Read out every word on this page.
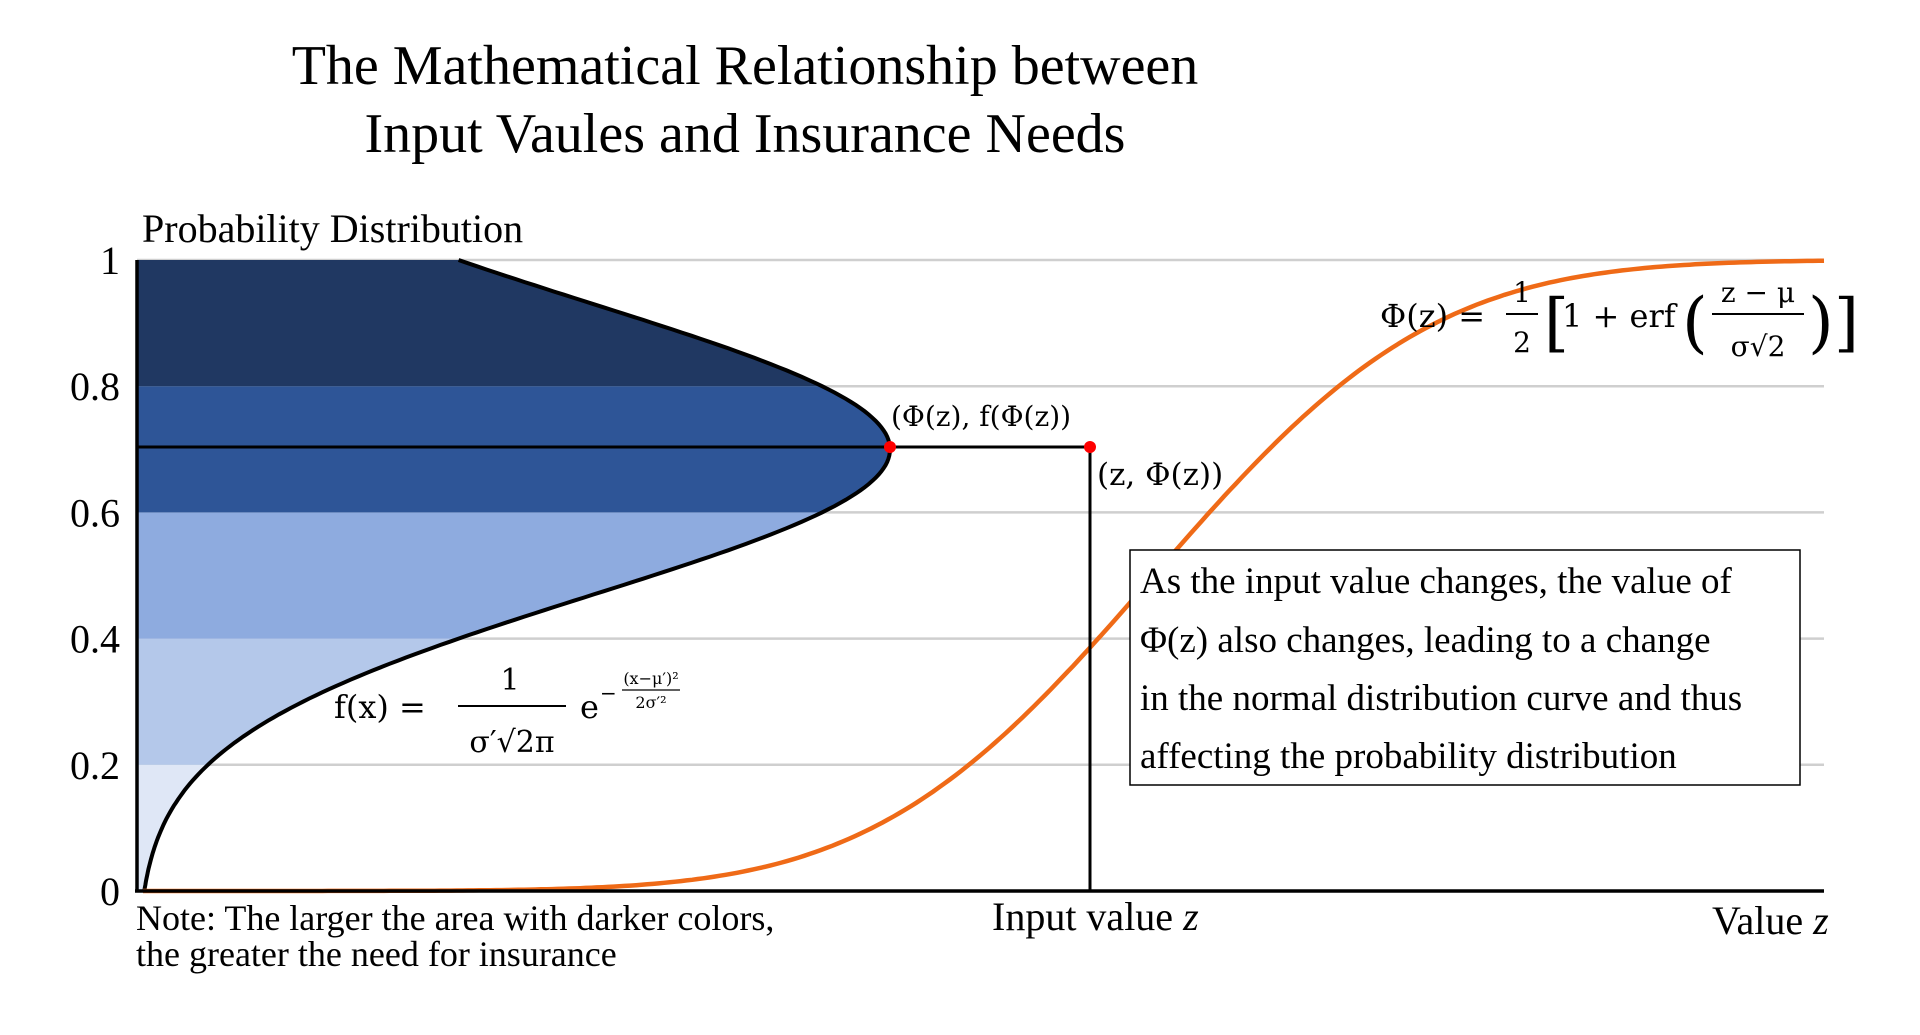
The Mathematical Relationship between
Input Vaules and Insurance Needs
Probability Distribution
0
0.2
0.4
0.6
0.8
1
(Φ(z), f(Φ(z))
(z, Φ(z))
Φ(z) =
1
2 [
1 + erf ( z − μ
σ√2 ) ]
f(x) =
1
σ′√2π
e −
(x−μ′)²
2σ′²
As the input value changes, the value of
Φ(z) also changes, leading to a change
in the normal distribution curve and thus
affecting the probability distribution
Input value z	Value z
Note: The larger the area with darker colors,
the greater the need for insurance
